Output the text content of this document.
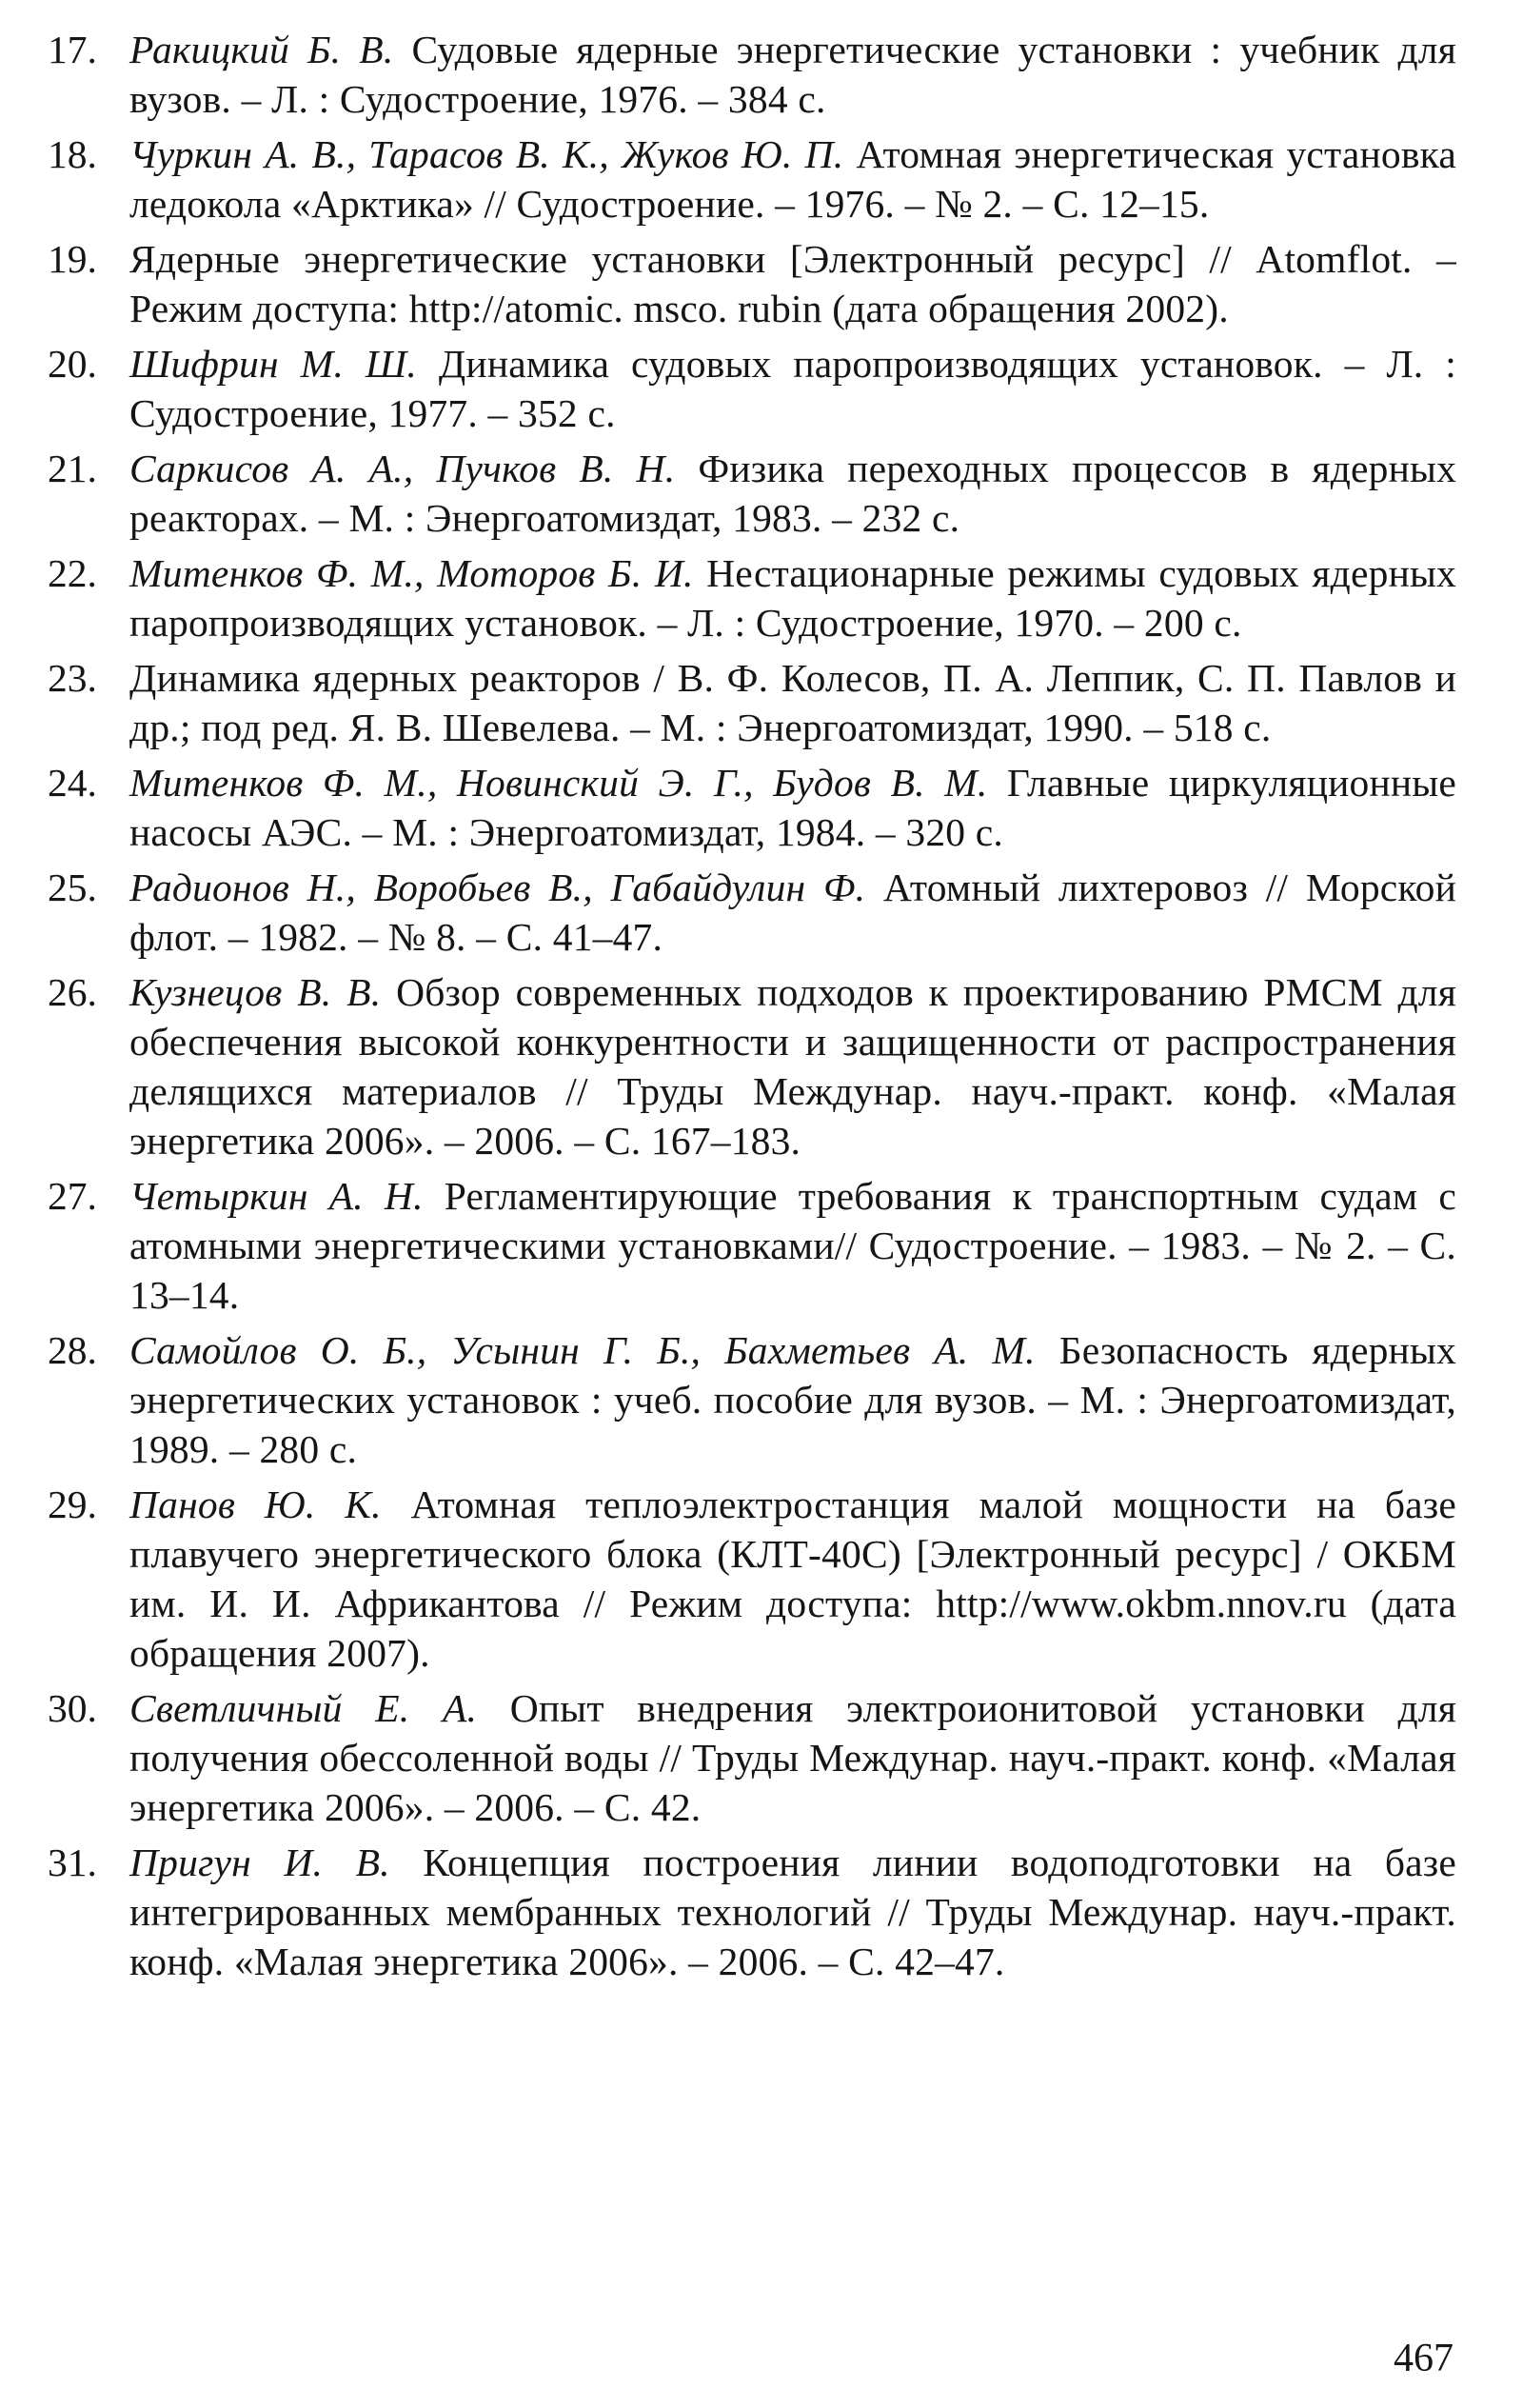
17. Ракицкий Б. В. Судовые ядерные энергетические установки : учебник для вузов. – Л. : Судостроение, 1976. – 384 с.
18. Чуркин А. В., Тарасов В. К., Жуков Ю. П. Атомная энергетическая установка ледокола «Арктика» // Судостроение. – 1976. – № 2. – С. 12–15.
19. Ядерные энергетические установки [Электронный ресурс] // Atomflot. – Режим доступа: http://atomic. msco. rubin (дата обращения 2002).
20. Шифрин М. Ш. Динамика судовых паропроизводящих установок. – Л. : Судостроение, 1977. – 352 с.
21. Саркисов А. А., Пучков В. Н. Физика переходных процессов в ядерных реакторах. – М. : Энергоатомиздат, 1983. – 232 с.
22. Митенков Ф. М., Моторов Б. И. Нестационарные режимы судовых ядерных паропроизводящих установок. – Л. : Судостроение, 1970. – 200 с.
23. Динамика ядерных реакторов / В. Ф. Колесов, П. А. Леппик, С. П. Павлов и др.; под ред. Я. В. Шевелева. – М. : Энергоатомиздат, 1990. – 518 с.
24. Митенков Ф. М., Новинский Э. Г., Будов В. М. Главные циркуляционные насосы АЭС. – М. : Энергоатомиздат, 1984. – 320 с.
25. Радионов Н., Воробьев В., Габайдулин Ф. Атомный лихтеровоз // Морской флот. – 1982. – № 8. – С. 41–47.
26. Кузнецов В. В. Обзор современных подходов к проектированию РМСМ для обеспечения высокой конкурентности и защищенности от распространения делящихся материалов // Труды Междунар. науч.-практ. конф. «Малая энергетика 2006». – 2006. – С. 167–183.
27. Четыркин А. Н. Регламентирующие требования к транспортным судам с атомными энергетическими установками// Судостроение. – 1983. – № 2. – С. 13–14.
28. Самойлов О. Б., Усынин Г. Б., Бахметьев А. М. Безопасность ядерных энергетических установок : учеб. пособие для вузов. – М. : Энергоатомиздат, 1989. – 280 с.
29. Панов Ю. К. Атомная теплоэлектростанция малой мощности на базе плавучего энергетического блока (КЛТ-40С) [Электронный ресурс] / ОКБМ им. И. И. Африкантова // Режим доступа: http://www.okbm.nnov.ru (дата обращения 2007).
30. Светличный Е. А. Опыт внедрения электроионитовой установки для получения обессоленной воды // Труды Междунар. науч.-практ. конф. «Малая энергетика 2006». – 2006. – С. 42.
31. Пригун И. В. Концепция построения линии водоподготовки на базе интегрированных мембранных технологий // Труды Междунар. науч.-практ. конф. «Малая энергетика 2006». – 2006. – С. 42–47.
467
